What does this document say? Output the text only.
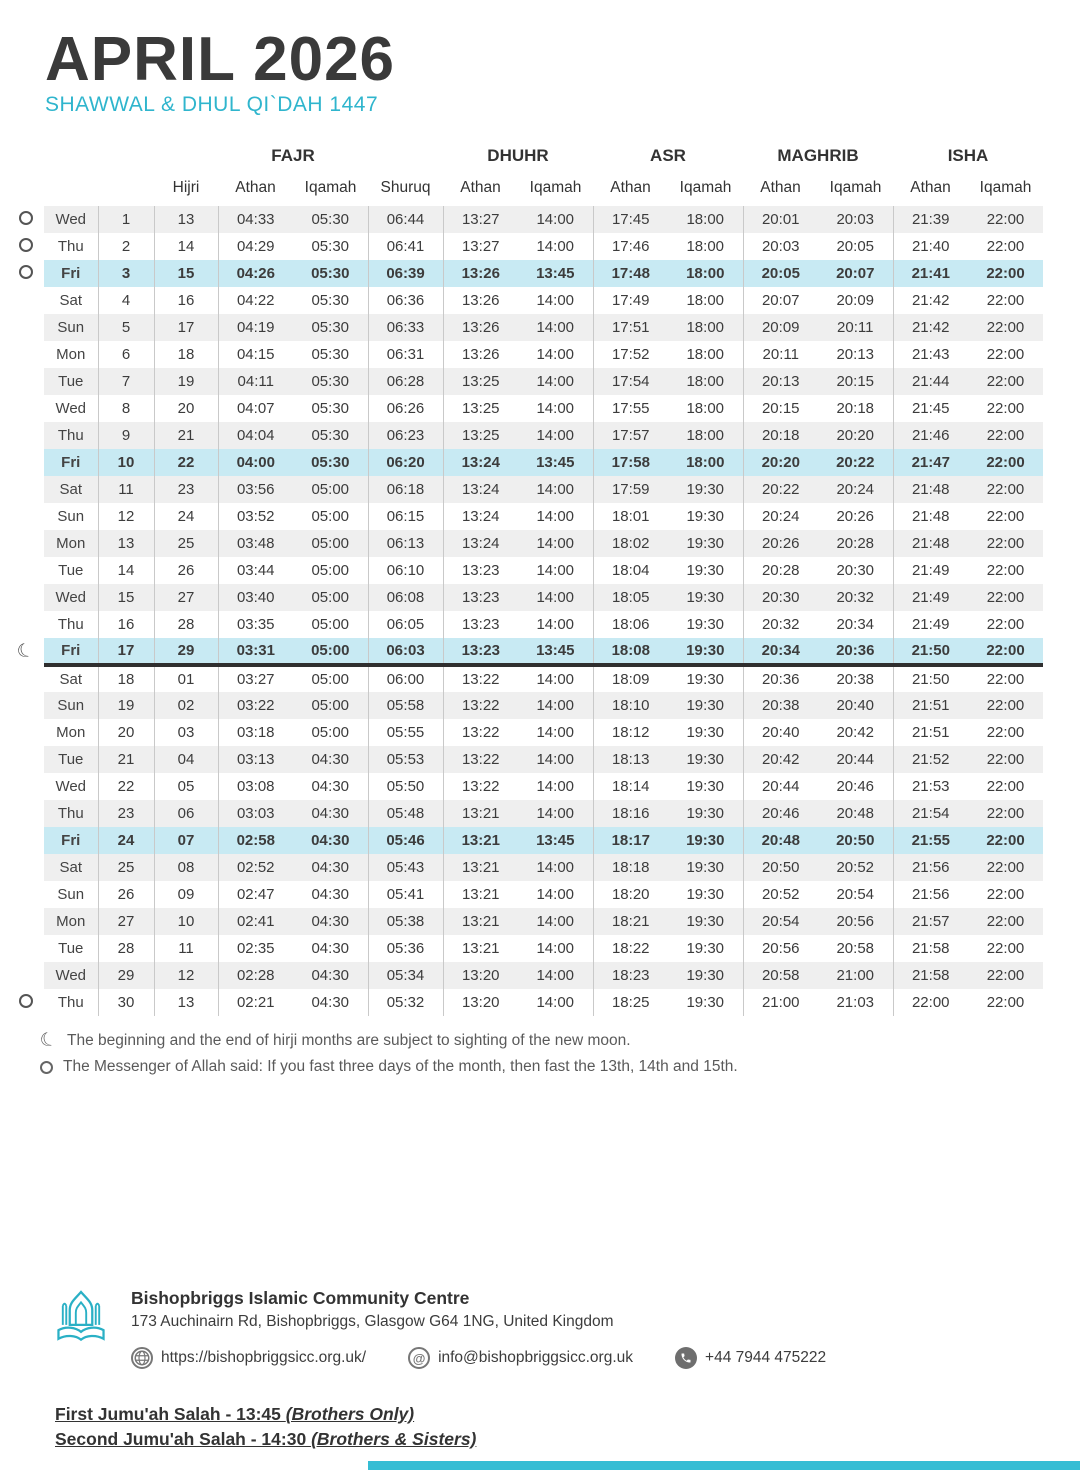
APRIL 2026
SHAWWAL & DHUL QI`DAH 1447
				FAJR			DHUHR		ASR		MAGHRIB		ISHA	
			Hijri	Athan	Iqamah	Shuruq	Athan	Iqamah	Athan	Iqamah	Athan	Iqamah	Athan	Iqamah
	Wed	1	13	04:33	05:30	06:44	13:27	14:00	17:45	18:00	20:01	20:03	21:39	22:00
	Thu	2	14	04:29	05:30	06:41	13:27	14:00	17:46	18:00	20:03	20:05	21:40	22:00
	Fri	3	15	04:26	05:30	06:39	13:26	13:45	17:48	18:00	20:05	20:07	21:41	22:00
	Sat	4	16	04:22	05:30	06:36	13:26	14:00	17:49	18:00	20:07	20:09	21:42	22:00
	Sun	5	17	04:19	05:30	06:33	13:26	14:00	17:51	18:00	20:09	20:11	21:42	22:00
	Mon	6	18	04:15	05:30	06:31	13:26	14:00	17:52	18:00	20:11	20:13	21:43	22:00
	Tue	7	19	04:11	05:30	06:28	13:25	14:00	17:54	18:00	20:13	20:15	21:44	22:00
	Wed	8	20	04:07	05:30	06:26	13:25	14:00	17:55	18:00	20:15	20:18	21:45	22:00
	Thu	9	21	04:04	05:30	06:23	13:25	14:00	17:57	18:00	20:18	20:20	21:46	22:00
	Fri	10	22	04:00	05:30	06:20	13:24	13:45	17:58	18:00	20:20	20:22	21:47	22:00
	Sat	11	23	03:56	05:00	06:18	13:24	14:00	17:59	19:30	20:22	20:24	21:48	22:00
	Sun	12	24	03:52	05:00	06:15	13:24	14:00	18:01	19:30	20:24	20:26	21:48	22:00
	Mon	13	25	03:48	05:00	06:13	13:24	14:00	18:02	19:30	20:26	20:28	21:48	22:00
	Tue	14	26	03:44	05:00	06:10	13:23	14:00	18:04	19:30	20:28	20:30	21:49	22:00
	Wed	15	27	03:40	05:00	06:08	13:23	14:00	18:05	19:30	20:30	20:32	21:49	22:00
	Thu	16	28	03:35	05:00	06:05	13:23	14:00	18:06	19:30	20:32	20:34	21:49	22:00
☾	Fri	17	29	03:31	05:00	06:03	13:23	13:45	18:08	19:30	20:34	20:36	21:50	22:00
	Sat	18	01	03:27	05:00	06:00	13:22	14:00	18:09	19:30	20:36	20:38	21:50	22:00
	Sun	19	02	03:22	05:00	05:58	13:22	14:00	18:10	19:30	20:38	20:40	21:51	22:00
	Mon	20	03	03:18	05:00	05:55	13:22	14:00	18:12	19:30	20:40	20:42	21:51	22:00
	Tue	21	04	03:13	04:30	05:53	13:22	14:00	18:13	19:30	20:42	20:44	21:52	22:00
	Wed	22	05	03:08	04:30	05:50	13:22	14:00	18:14	19:30	20:44	20:46	21:53	22:00
	Thu	23	06	03:03	04:30	05:48	13:21	14:00	18:16	19:30	20:46	20:48	21:54	22:00
	Fri	24	07	02:58	04:30	05:46	13:21	13:45	18:17	19:30	20:48	20:50	21:55	22:00
	Sat	25	08	02:52	04:30	05:43	13:21	14:00	18:18	19:30	20:50	20:52	21:56	22:00
	Sun	26	09	02:47	04:30	05:41	13:21	14:00	18:20	19:30	20:52	20:54	21:56	22:00
	Mon	27	10	02:41	04:30	05:38	13:21	14:00	18:21	19:30	20:54	20:56	21:57	22:00
	Tue	28	11	02:35	04:30	05:36	13:21	14:00	18:22	19:30	20:56	20:58	21:58	22:00
	Wed	29	12	02:28	04:30	05:34	13:20	14:00	18:23	19:30	20:58	21:00	21:58	22:00
	Thu	30	13	02:21	04:30	05:32	13:20	14:00	18:25	19:30	21:00	21:03	22:00	22:00
☾ The beginning and the end of hirji months are subject to sighting of the new moon.
The Messenger of Allah said: If you fast three days of the month, then fast the 13th, 14th and 15th.
Bishopbriggs Islamic Community Centre
173 Auchinairn Rd, Bishopbriggs, Glasgow G64 1NG, United Kingdom
https://bishopbriggsicc.org.uk/	@ info@bishopbriggsicc.org.uk	+44 7944 475222
First Jumu'ah Salah - 13:45 (Brothers Only)
Second Jumu'ah Salah - 14:30 (Brothers & Sisters)
